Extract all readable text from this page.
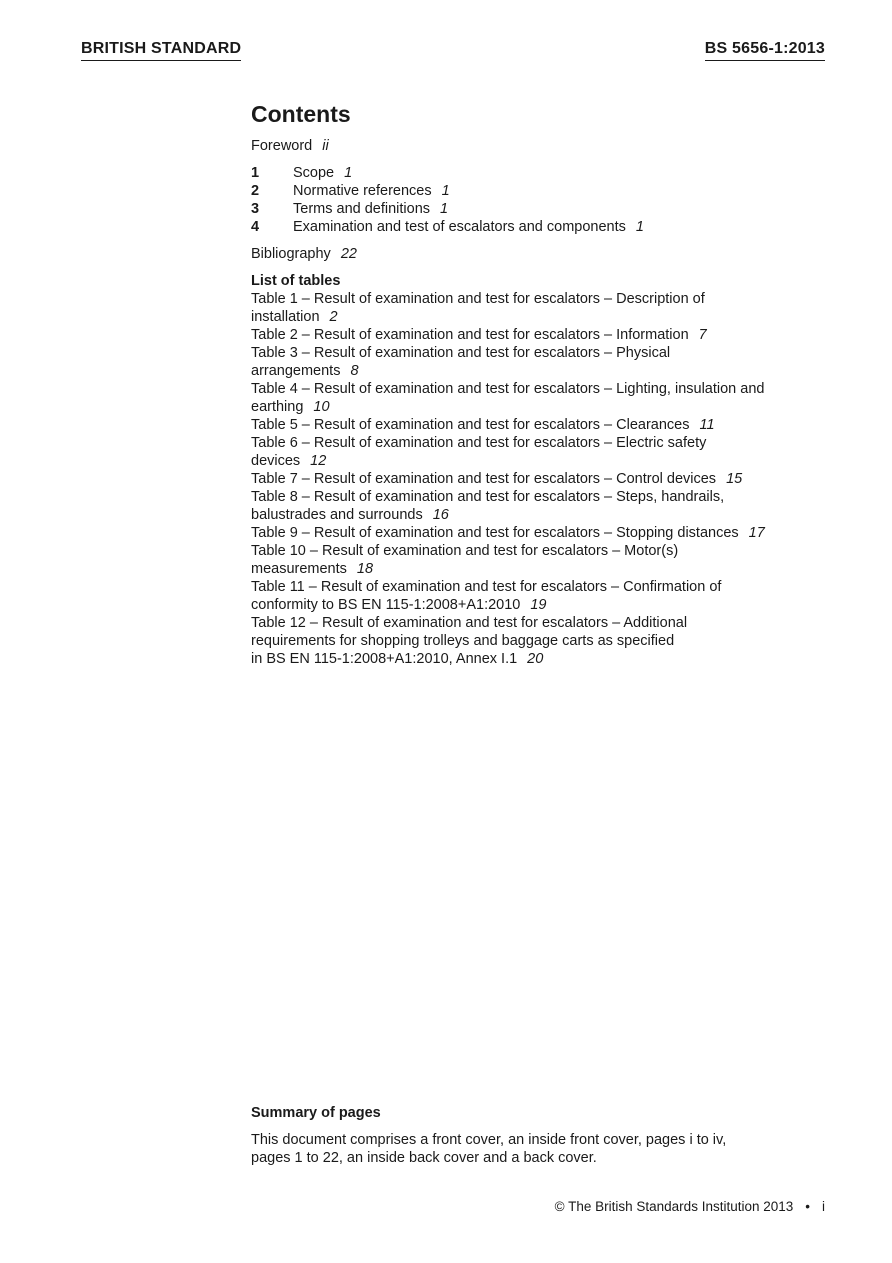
BRITISH STANDARD	BS 5656-1:2013
Contents
Foreword ii
1	Scope 1
2	Normative references 1
3	Terms and definitions 1
4	Examination and test of escalators and components 1
Bibliography 22
List of tables
Table 1 – Result of examination and test for escalators – Description of
installation 2
Table 2 – Result of examination and test for escalators – Information 7
Table 3 – Result of examination and test for escalators – Physical
arrangements 8
Table 4 – Result of examination and test for escalators – Lighting, insulation and
earthing 10
Table 5 – Result of examination and test for escalators – Clearances 11
Table 6 – Result of examination and test for escalators – Electric safety
devices 12
Table 7 – Result of examination and test for escalators – Control devices 15
Table 8 – Result of examination and test for escalators – Steps, handrails,
balustrades and surrounds 16
Table 9 – Result of examination and test for escalators – Stopping distances 17
Table 10 – Result of examination and test for escalators – Motor(s)
measurements 18
Table 11 – Result of examination and test for escalators – Confirmation of
conformity to BS EN 115-1:2008+A1:2010 19
Table 12 – Result of examination and test for escalators – Additional
requirements for shopping trolleys and baggage carts as specified
in BS EN 115-1:2008+A1:2010, Annex I.1 20
Summary of pages
This document comprises a front cover, an inside front cover, pages i to iv,
pages 1 to 22, an inside back cover and a back cover.
© The British Standards Institution 2013 • i
